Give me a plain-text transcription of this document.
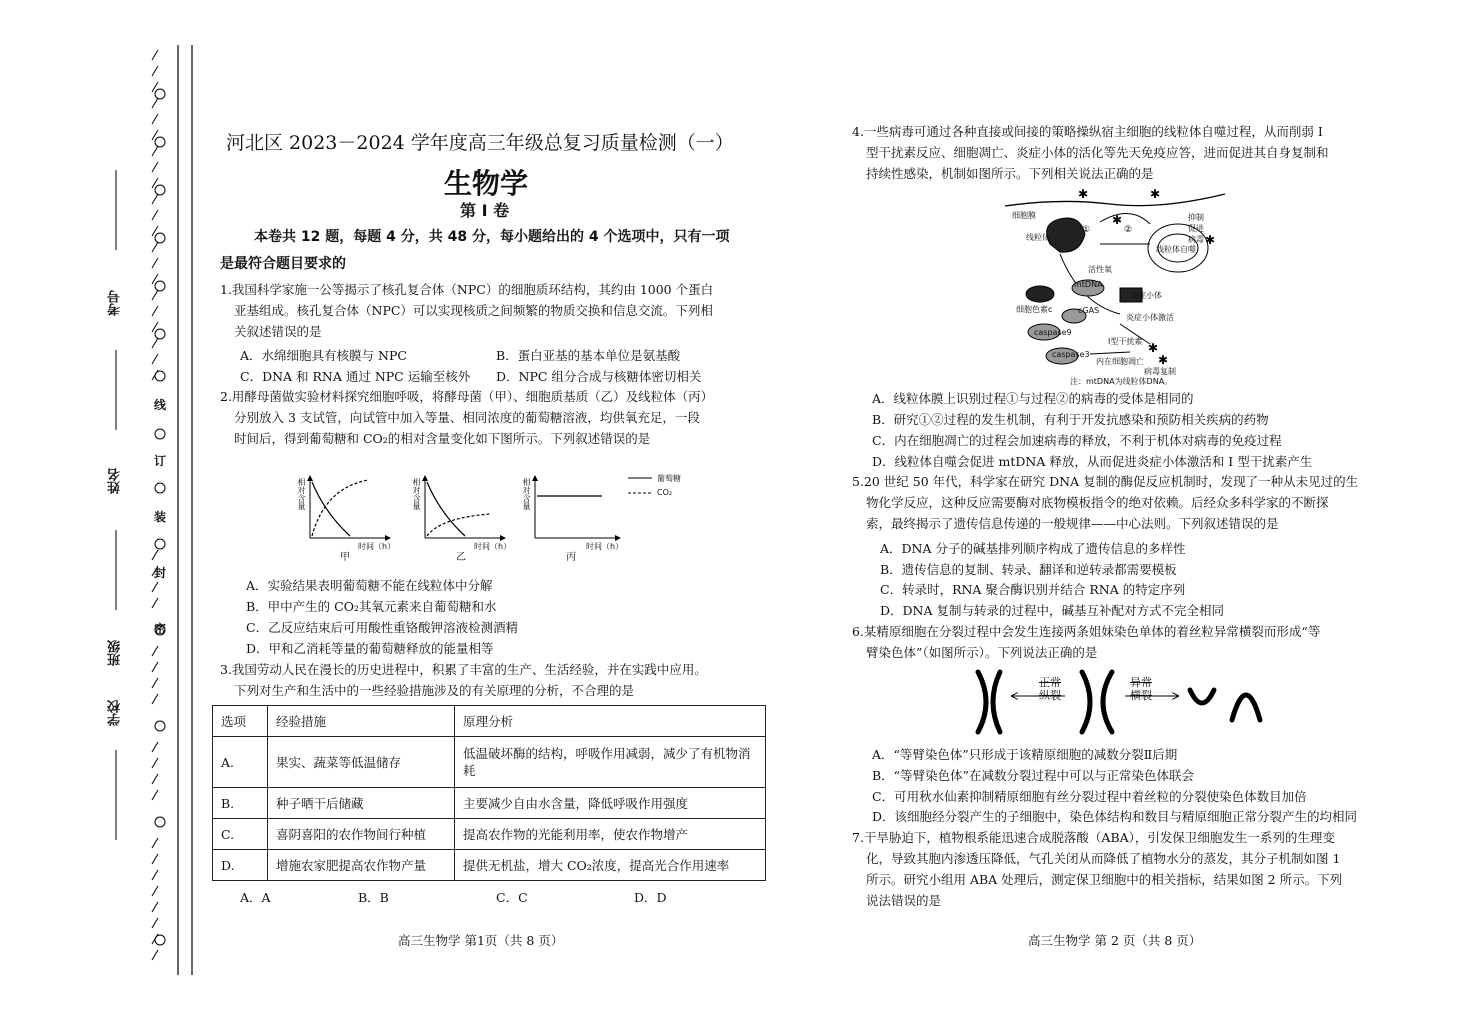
考号
姓名
班级
学校
线
订
装
封
密
河北区 2023－2024 学年度高三年级总复习质量检测（一）
生物学
第 I 卷
本卷共 12 题，每题 4 分，共 48 分，每小题给出的 4 个选项中，只有一项
是最符合题目要求的
1.我国科学家施一公等揭示了核孔复合体（NPC）的细胞质环结构，其约由 1000 个蛋白
亚基组成。核孔复合体（NPC）可以实现核质之间频繁的物质交换和信息交流。下列相
关叙述错误的是
A．水绵细胞具有核膜与 NPC	B．蛋白亚基的基本单位是氨基酸
C．DNA 和 RNA 通过 NPC 运输至核外 D．NPC 组分合成与核糖体密切相关
2.用酵母菌做实验材料探究细胞呼吸，将酵母菌（甲）、细胞质基质（乙）及线粒体（丙）
分别放入 3 支试管，向试管中加入等量、相同浓度的葡萄糖溶液，均供氧充足，一段
时间后，得到葡萄糖和 CO₂的相对含量变化如下图所示。下列叙述错误的是
相对含量	相对含量	相对含量
时间（h）	时间（h）	时间（h）
甲	乙	丙
葡萄糖
CO₂
A．实验结果表明葡萄糖不能在线粒体中分解
B．甲中产生的 CO₂其氧元素来自葡萄糖和水
C．乙反应结束后可用酸性重铬酸钾溶液检测酒精
D．甲和乙消耗等量的葡萄糖释放的能量相等
3.我国劳动人民在漫长的历史进程中，积累了丰富的生产、生活经验，并在实践中应用。
下列对生产和生活中的一些经验措施涉及的有关原理的分析，不合理的是
选项	经验措施	原理分析
A.	果实、蔬菜等低温储存	低温破坏酶的结构，呼吸作用减弱，减少了有机物消耗
B.	种子晒干后储藏	主要减少自由水含量，降低呼吸作用强度
C.	喜阴喜阳的农作物间行种植	提高农作物的光能利用率，使农作物增产
D.	增施农家肥提高农作物产量	提供无机盐，增大 CO₂浓度，提高光合作用速率
A．A	B．B	C．C	D．D
高三生物学 第1页（共 8 页）
4.一些病毒可通过各种直接或间接的策略操纵宿主细胞的线粒体自噬过程，从而削弱 I
型干扰素反应、细胞凋亡、炎症小体的活化等先天免疫应答，进而促进其自身复制和
持续性感染，机制如图所示。下列相关说法正确的是
✱
✱	✱
✱
✱
✱
①	②
细胞膜	抑制
促进
病毒
线粒体
线粒体自噬
活性氧
mtDNA
炎症小体
细胞色素c	cGAS
炎症小体激活
caspase9
I型干扰素
内在细胞凋亡
病毒复制
caspase3
注：mtDNA为线粒体DNA。
A．线粒体膜上识别过程①与过程②的病毒的受体是相同的
B．研究①②过程的发生机制，有利于开发抗感染和预防相关疾病的药物
C．内在细胞凋亡的过程会加速病毒的释放，不利于机体对病毒的免疫过程
D．线粒体自噬会促进 mtDNA 释放，从而促进炎症小体激活和 I 型干扰素产生
5.20 世纪 50 年代，科学家在研究 DNA 复制的酶促反应机制时，发现了一种从未见过的生
物化学反应，这种反应需要酶对底物模板指令的绝对依赖。后经众多科学家的不断探
索，最终揭示了遗传信息传递的一般规律——中心法则。下列叙述错误的是
A．DNA 分子的碱基排列顺序构成了遗传信息的多样性
B．遗传信息的复制、转录、翻译和逆转录都需要模板
C．转录时，RNA 聚合酶识别并结合 RNA 的特定序列
D．DNA 复制与转录的过程中，碱基互补配对方式不完全相同
6.某精原细胞在分裂过程中会发生连接两条姐妹染色单体的着丝粒异常横裂而形成“等
臂染色体”（如图所示）。下列说法正确的是
正常
纵裂
异常
横裂
A．“等臂染色体”只形成于该精原细胞的减数分裂Ⅱ后期
B．“等臂染色体”在减数分裂过程中可以与正常染色体联会
C．可用秋水仙素抑制精原细胞有丝分裂过程中着丝粒的分裂使染色体数目加倍
D．该细胞经分裂产生的子细胞中，染色体结构和数目与精原细胞正常分裂产生的均相同
7.干旱胁迫下，植物根系能迅速合成脱落酸（ABA），引发保卫细胞发生一系列的生理变
化，导致其胞内渗透压降低，气孔关闭从而降低了植物水分的蒸发，其分子机制如图 1
所示。研究小组用 ABA 处理后，测定保卫细胞中的相关指标，结果如图 2 所示。下列
说法错误的是
高三生物学 第 2 页（共 8 页）
